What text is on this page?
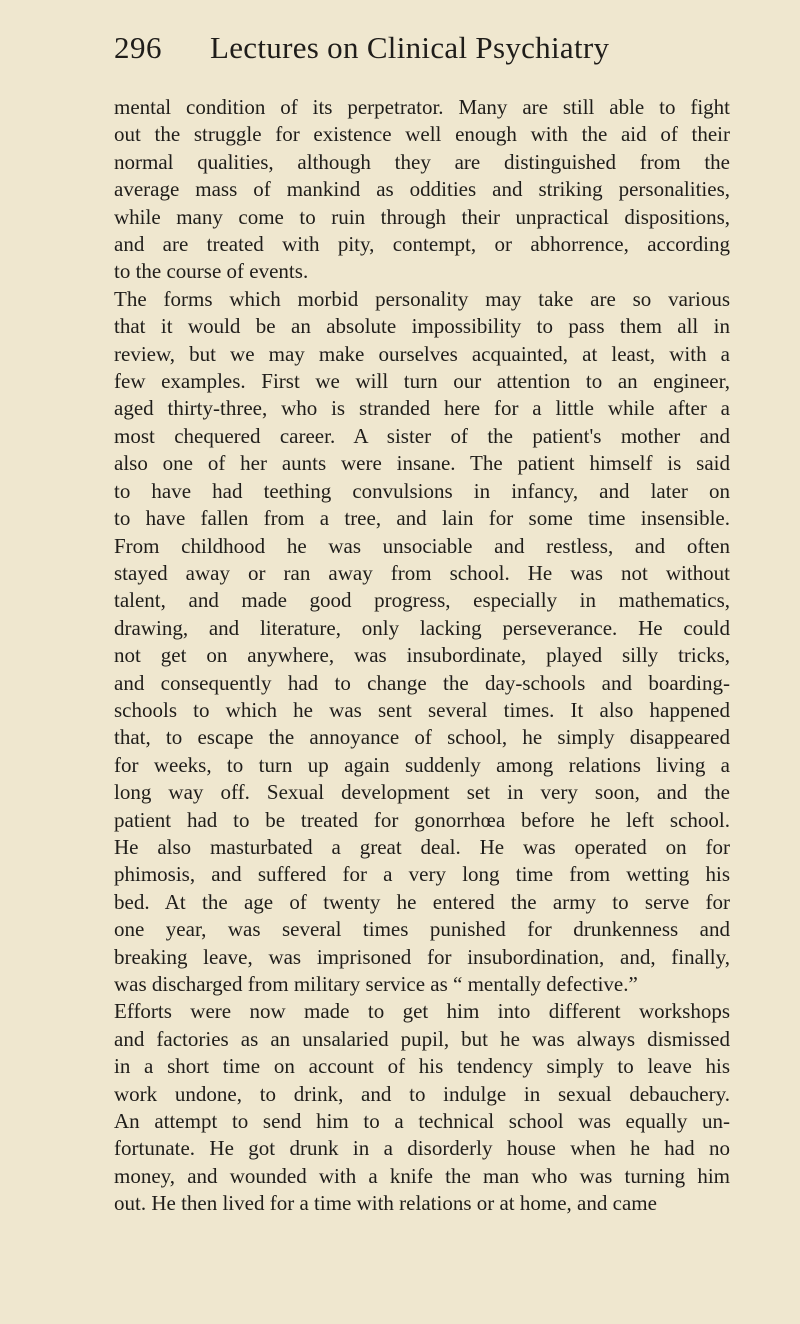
296 Lectures on Clinical Psychiatry

mental condition of its perpetrator. Many are still able to fight
out the struggle for existence well enough with the aid of their
normal qualities, although they are distinguished from the
average mass of mankind as oddities and striking personalities,
while many come to ruin through their unpractical dispositions,
and are treated with pity, contempt, or abhorrence, according
to the course of events.

The forms which morbid personality may take are so various
that it would be an absolute impossibility to pass them all in
review, but we may make ourselves acquainted, at least, with a
few examples. First we will turn our attention to an engineer,
aged thirty-three, who is stranded here for a little while after a
most chequered career. A sister of the patient's mother and
also one of her aunts were insane. The patient himself is said
to have had teething convulsions in infancy, and later on
to have fallen from a tree, and lain for some time insensible.
From childhood he was unsociable and restless, and often
stayed away or ran away from school. He was not without
talent, and made good progress, especially in mathematics,
drawing, and literature, only lacking perseverance. He could
not get on anywhere, was insubordinate, played silly tricks,
and consequently had to change the day-schools and boarding-
schools to which he was sent several times. It also happened
that, to escape the annoyance of school, he simply disappeared
for weeks, to turn up again suddenly among relations living a
long way off. Sexual development set in very soon, and the
patient had to be treated for gonorrhœa before he left school.
He also masturbated a great deal. He was operated on for
phimosis, and suffered for a very long time from wetting his
bed. At the age of twenty he entered the army to serve for
one year, was several times punished for drunkenness and
breaking leave, was imprisoned for insubordination, and, finally,
was discharged from military service as “ mentally defective.”

Efforts were now made to get him into different workshops
and factories as an unsalaried pupil, but he was always dismissed
in a short time on account of his tendency simply to leave his
work undone, to drink, and to indulge in sexual debauchery.
An attempt to send him to a technical school was equally un-
fortunate. He got drunk in a disorderly house when he had no
money, and wounded with a knife the man who was turning him
out. He then lived for a time with relations or at home, and came
